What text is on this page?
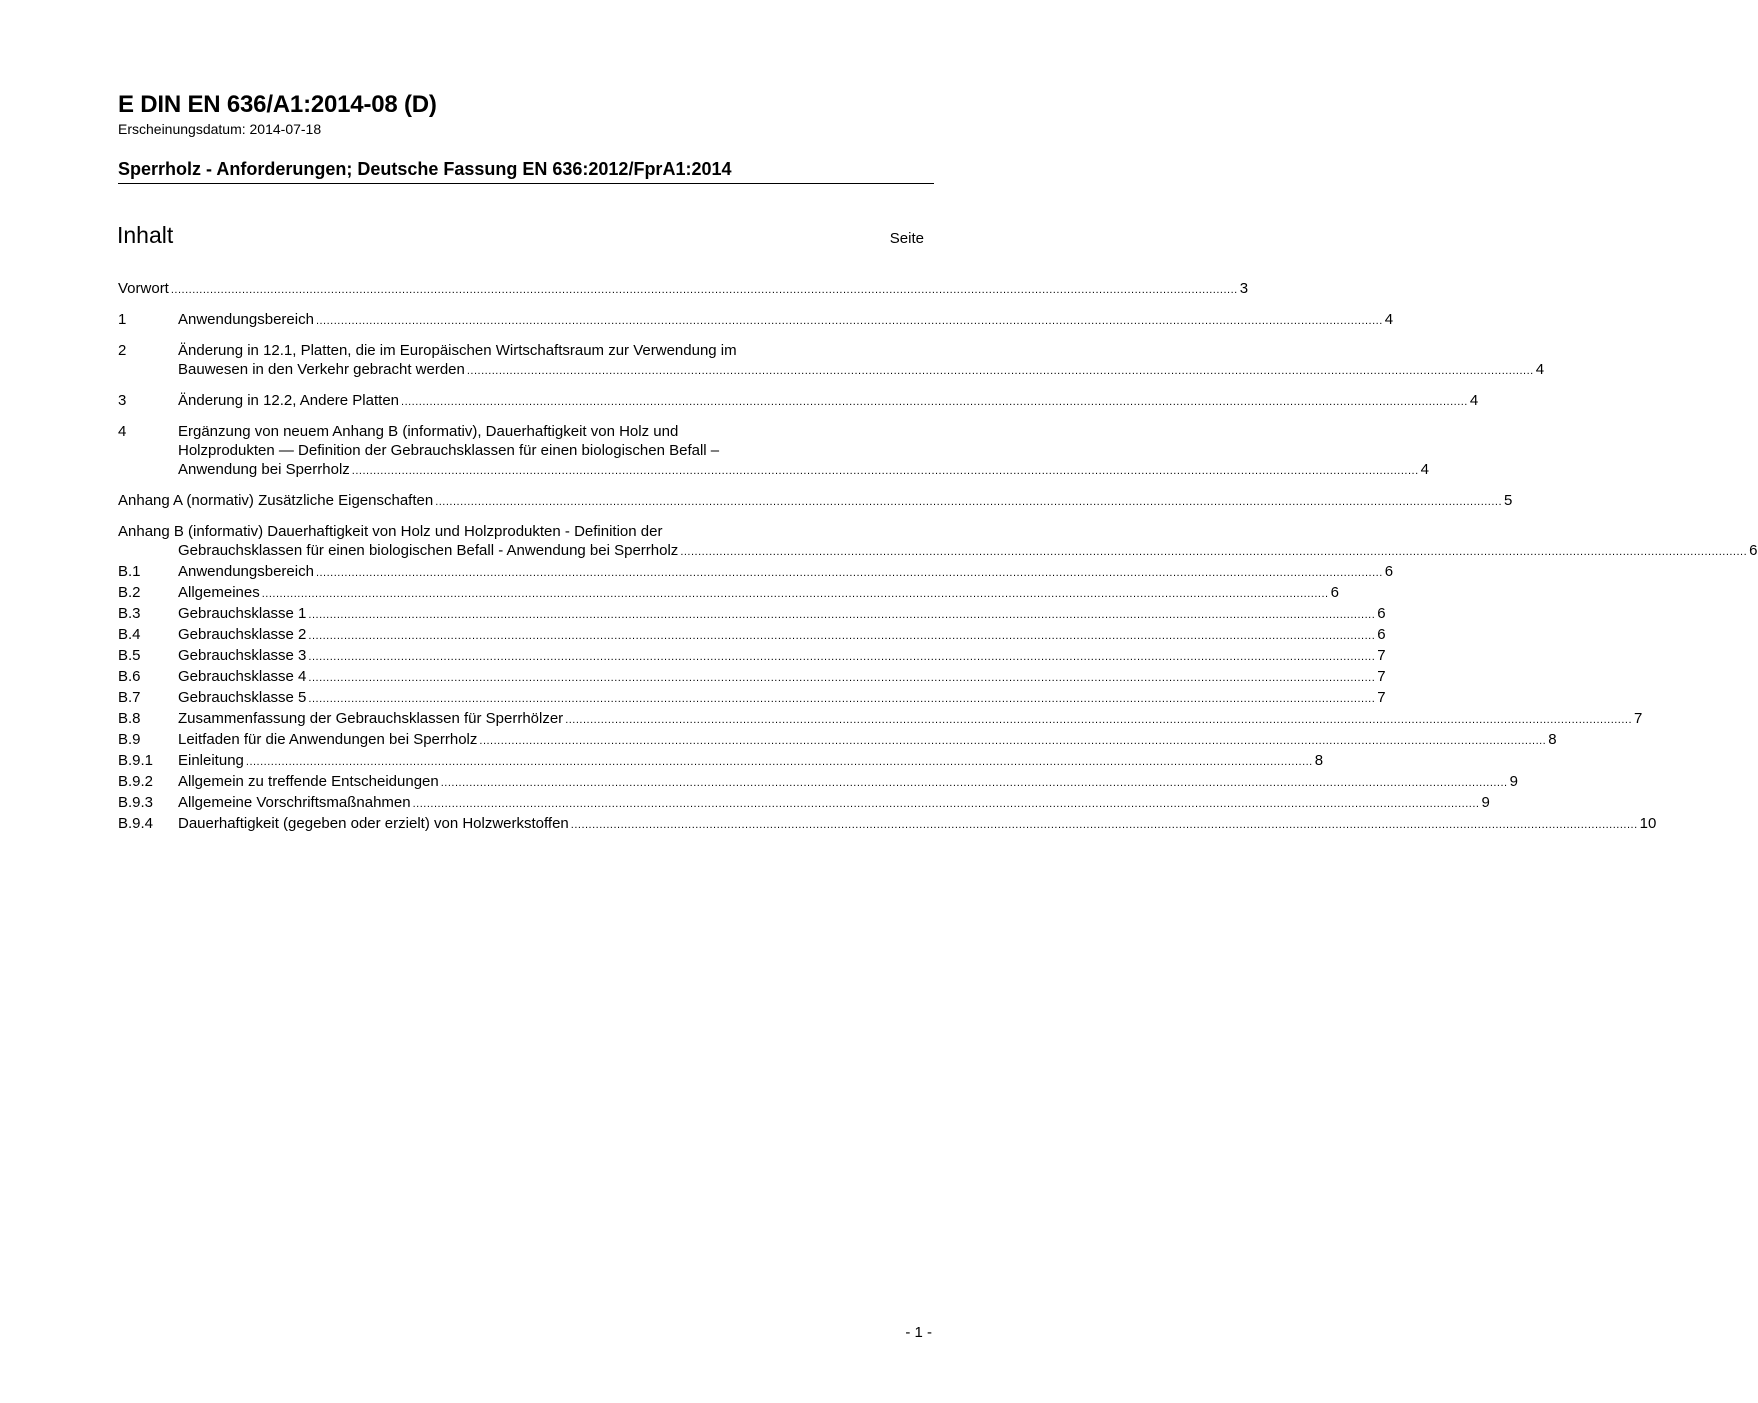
E DIN EN 636/A1:2014-08 (D)
Erscheinungsdatum: 2014-07-18
Sperrholz - Anforderungen; Deutsche Fassung EN 636:2012/FprA1:2014
Inhalt	Seite
Vorwort ............................................................................................................................................................................................................................................................................................................ 3
1	Anwendungsbereich ............................................................................................................................................................................................................................................................................................................ 4
2	Änderung in 12.1, Platten, die im Europäischen Wirtschaftsraum zur Verwendung im
Bauwesen in den Verkehr gebracht werden ............................................................................................................................................................................................................................................................................................................ 4
3	Änderung in 12.2, Andere Platten ............................................................................................................................................................................................................................................................................................................ 4
4	Ergänzung von neuem Anhang B (informativ), Dauerhaftigkeit von Holz und
Holzprodukten — Definition der Gebrauchsklassen für einen biologischen Befall –
Anwendung bei Sperrholz ............................................................................................................................................................................................................................................................................................................ 4
Anhang A (normativ) Zusätzliche Eigenschaften ............................................................................................................................................................................................................................................................................................................ 5
Anhang B (informativ) Dauerhaftigkeit von Holz und Holzprodukten - Definition der
Gebrauchsklassen für einen biologischen Befall - Anwendung bei Sperrholz ............................................................................................................................................................................................................................................................................................................ 6
B.1 Anwendungsbereich ............................................................................................................................................................................................................................................................................................................ 6
B.2 Allgemeines ............................................................................................................................................................................................................................................................................................................ 6
B.3 Gebrauchsklasse 1 ............................................................................................................................................................................................................................................................................................................ 6
B.4 Gebrauchsklasse 2 ............................................................................................................................................................................................................................................................................................................ 6
B.5 Gebrauchsklasse 3 ............................................................................................................................................................................................................................................................................................................ 7
B.6 Gebrauchsklasse 4 ............................................................................................................................................................................................................................................................................................................ 7
B.7 Gebrauchsklasse 5 ............................................................................................................................................................................................................................................................................................................ 7
B.8 Zusammenfassung der Gebrauchsklassen für Sperrhölzer ............................................................................................................................................................................................................................................................................................................ 7
B.9 Leitfaden für die Anwendungen bei Sperrholz ............................................................................................................................................................................................................................................................................................................ 8
B.9.1 Einleitung ............................................................................................................................................................................................................................................................................................................ 8
B.9.2 Allgemein zu treffende Entscheidungen ............................................................................................................................................................................................................................................................................................................ 9
B.9.3 Allgemeine Vorschriftsmaßnahmen ............................................................................................................................................................................................................................................................................................................ 9
B.9.4 Dauerhaftigkeit (gegeben oder erzielt) von Holzwerkstoffen ............................................................................................................................................................................................................................................................................................................ 10
- 1 -
